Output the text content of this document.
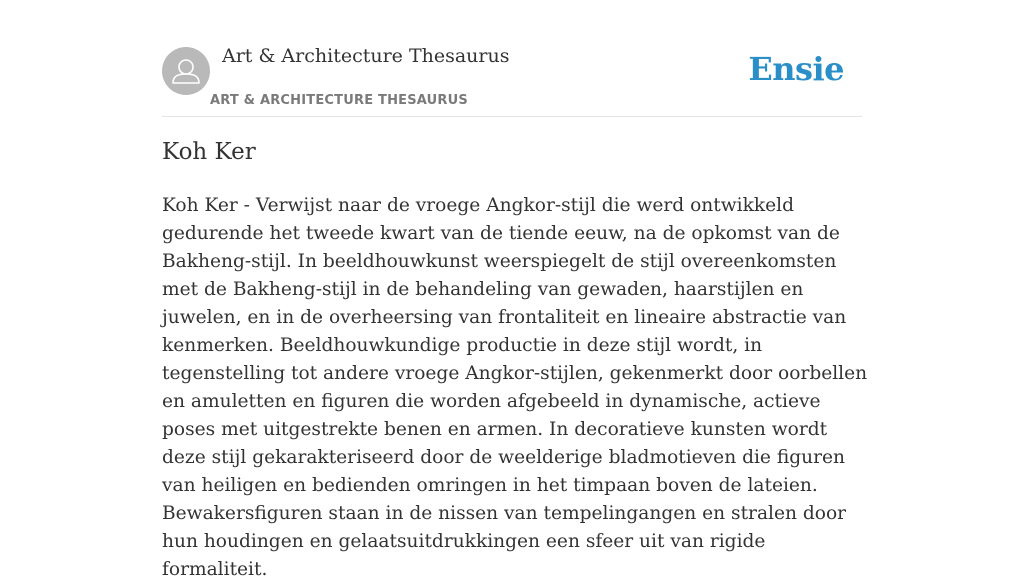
Art & Architecture Thesaurus
ART & ARCHITECTURE THESAURUS
Ensie
Koh Ker

Koh Ker - Verwijst naar de vroege Angkor-stijl die werd ontwikkeld gedurende het tweede kwart van de tiende eeuw, na de opkomst van de Bakheng-stijl. In beeldhouwkunst weerspiegelt de stijl overeenkomsten met de Bakheng-stijl in de behandeling van gewaden, haarstijlen en juwelen, en in de overheersing van frontaliteit en lineaire abstractie van kenmerken. Beeldhouwkundige productie in deze stijl wordt, in tegenstelling tot andere vroege Angkor-stijlen, gekenmerkt door oorbellen en amuletten en figuren die worden afgebeeld in dynamische, actieve poses met uitgestrekte benen en armen. In decoratieve kunsten wordt deze stijl gekarakteriseerd door de weelderige bladmotieven die figuren van heiligen en bedienden omringen in het timpaan boven de lateien. Bewakersfiguren staan in de nissen van tempelingangen en stralen door hun houdingen en gelaatsuitdrukkingen een sfeer uit van rigide formaliteit.
